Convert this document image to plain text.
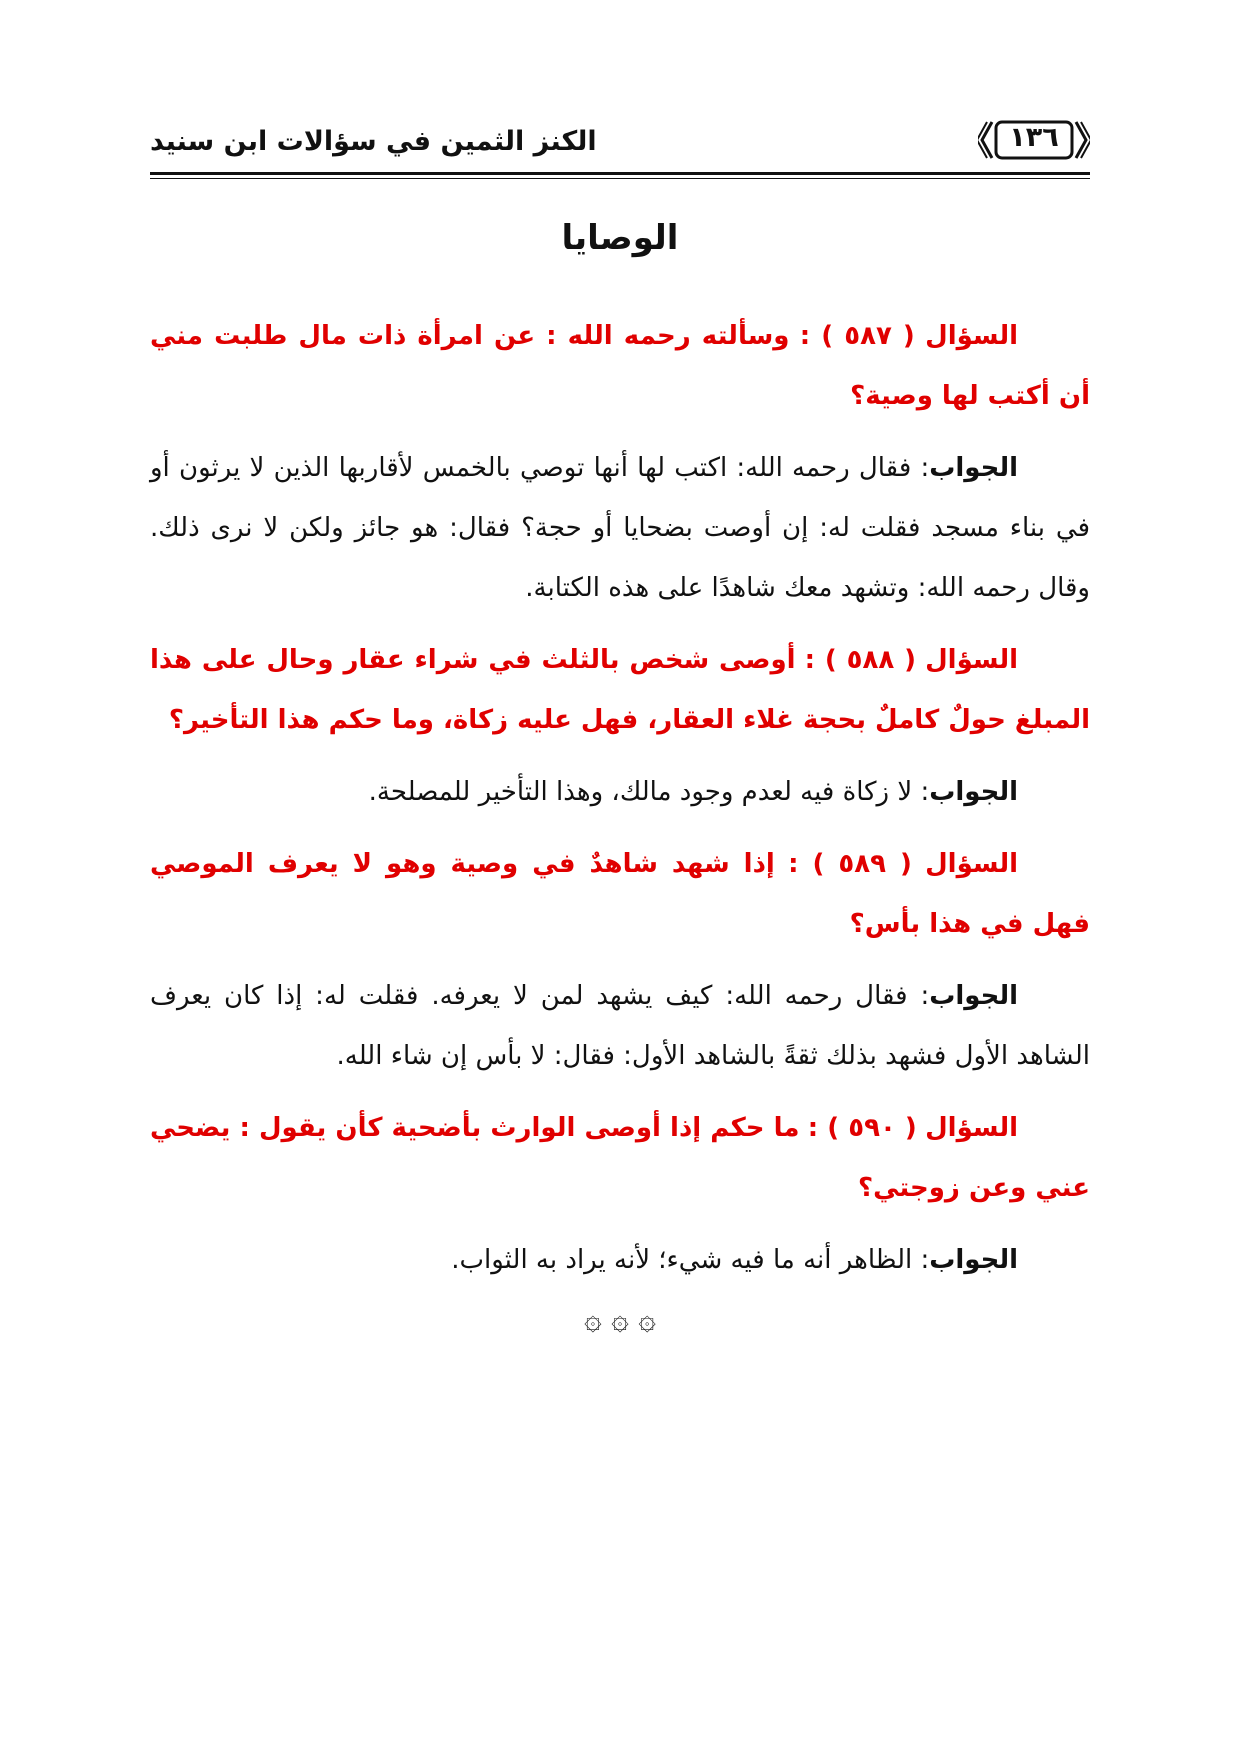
١٣٦
الكنز الثمين في سؤالات ابن سنيد
الوصايا

السؤال ( ٥٨٧ ) : وسألته رحمه الله : عن امرأة ذات مال طلبت مني أن أكتب لها وصية؟

الجواب: فقال رحمه الله: اكتب لها أنها توصي بالخمس لأقاربها الذين لا يرثون أو في بناء مسجد فقلت له: إن أوصت بضحايا أو حجة؟ فقال: هو جائز ولكن لا نرى ذلك. وقال رحمه الله: وتشهد معك شاهدًا على هذه الكتابة.

السؤال ( ٥٨٨ ) : أوصى شخص بالثلث في شراء عقار وحال على هذا المبلغ حولٌ كاملٌ بحجة غلاء العقار، فهل عليه زكاة، وما حكم هذا التأخير؟

الجواب: لا زكاة فيه لعدم وجود مالك، وهذا التأخير للمصلحة.

السؤال ( ٥٨٩ ) : إذا شهد شاهدٌ في وصية وهو لا يعرف الموصي فهل في هذا بأس؟

الجواب: فقال رحمه الله: كيف يشهد لمن لا يعرفه. فقلت له: إذا كان يعرف الشاهد الأول فشهد بذلك ثقةً بالشاهد الأول: فقال: لا بأس إن شاء الله.

السؤال ( ٥٩٠ ) : ما حكم إذا أوصى الوارث بأضحية كأن يقول : يضحي عني وعن زوجتي؟

الجواب: الظاهر أنه ما فيه شيء؛ لأنه يراد به الثواب.

۞ ۞ ۞
